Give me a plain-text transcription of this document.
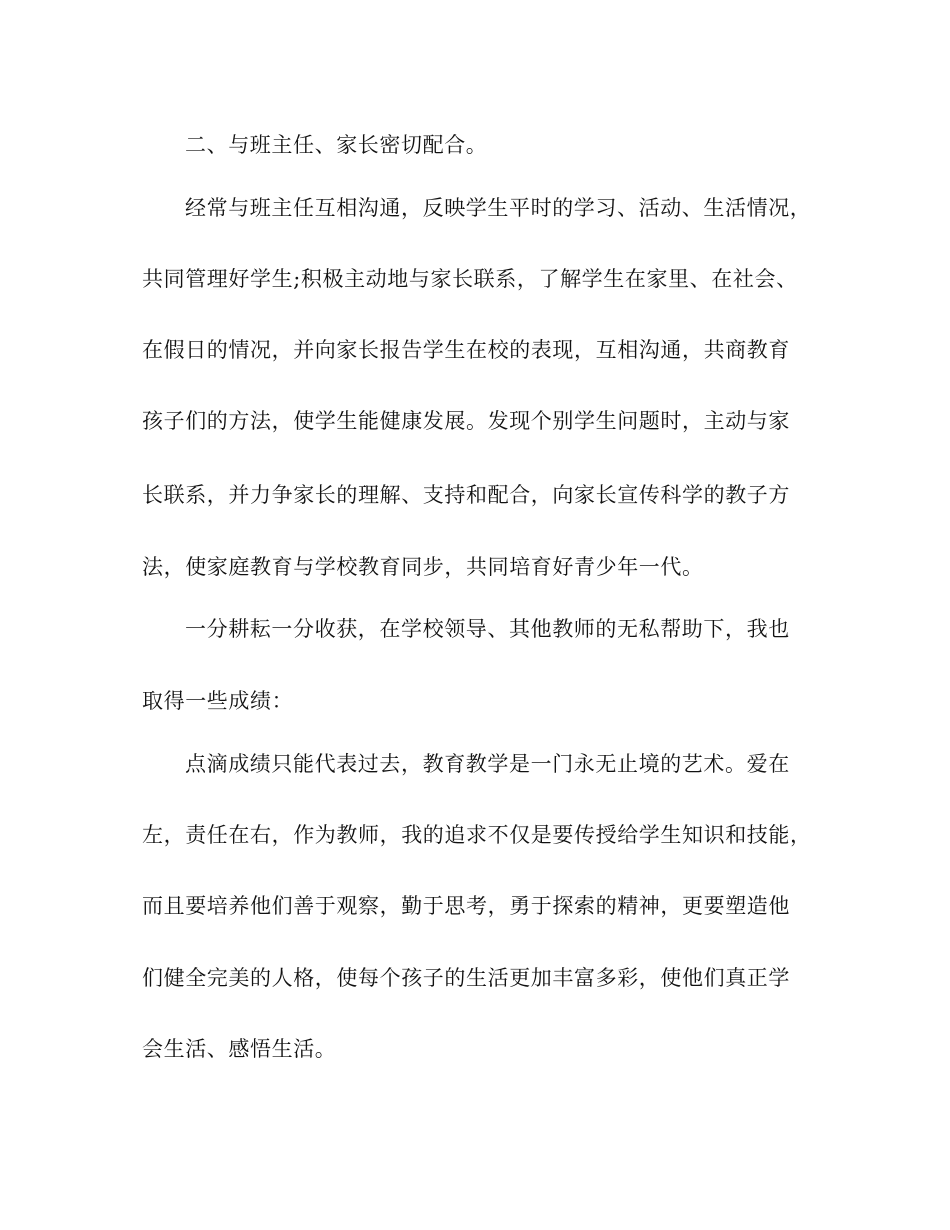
二、与班主任、家长密切配合。
经常与班主任互相沟通，反映学生平时的学习、活动、生活情况，
共同管理好学生;积极主动地与家长联系，了解学生在家里、在社会、
在假日的情况，并向家长报告学生在校的表现，互相沟通，共商教育
孩子们的方法，使学生能健康发展。发现个别学生问题时，主动与家
长联系，并力争家长的理解、支持和配合，向家长宣传科学的教子方
法，使家庭教育与学校教育同步，共同培育好青少年一代。
一分耕耘一分收获，在学校领导、其他教师的无私帮助下，我也
取得一些成绩：
点滴成绩只能代表过去，教育教学是一门永无止境的艺术。爱在
左，责任在右，作为教师，我的追求不仅是要传授给学生知识和技能，
而且要培养他们善于观察，勤于思考，勇于探索的精神，更要塑造他
们健全完美的人格，使每个孩子的生活更加丰富多彩，使他们真正学
会生活、感悟生活。
